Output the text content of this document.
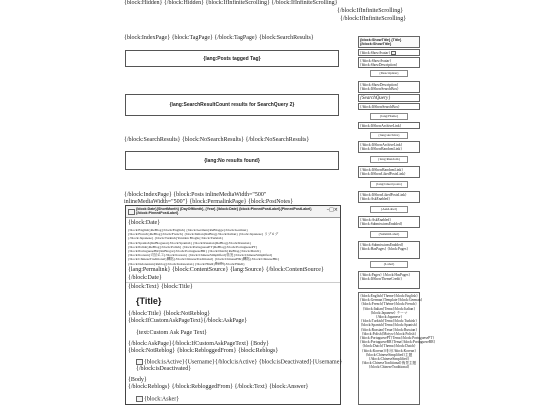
{block:Hidden} {/block:Hidden} {block:IfInfiniteScrolling} {/block:IfInfiniteScrolling}
{/block:IfInfiniteScrolling}
{/block:IfInfiniteScrolling}
{block:IndexPage} {block:TagPage} {/block:TagPage} {block:SearchResults}
{lang:Posts tagged Tag}
{lang:SearchResultCount results for SearchQuery 2}
{/block:SearchResults} {block:NoSearchResults} {/block:NoSearchResults}
{lang:No results found}
{/block:IndexPage} {block:Posts inlineMediaWidth="500"
inlineMediaWidth="500"} {block:PermalinkPage} {block:PostNotes}
{block:Date}{ShortMonth} {DayOfMonth}, {Year} {/block:Date} {block:PinnedPostLabel}{PinnedPostLabel}{/block:PinnedPostLabel}
–□×
{block:Date}
{block:English}ReBlog{/block:English} {block:German}ReBlogge{/block:German}
{block:French}ReBlog{/block:French} {block:Italian}ReBlog{/block:Italian} {block:Japanese} リブログ
{/block:Japanese} {block:Turkish}Yeniden Bloglu{/block:Turkish}
{block:Spanish}ReBloguear{/block:Spanish} {block:Russian}ReBlog{/block:Russian}
{block:Polish}ReBlog{/block:Polish} {block:PortuguesePT}ReBlog{/block:PortuguesePT}
{block:PortugueseBR}ReBlogar{/block:PortugueseBR} {block:Dutch}ReBlog{/block:Dutch}
{block:Korean}리블로그{/block:Korean} {block:ChineseSimplified}转发{/block:ChineseSimplified}
{block:ChineseTraditional}轉貼{/block:ChineseTraditional} {block:ChineseHK}轉貼{/block:ChineseHK}
{block:Indonesian}Reblog{/block:Indonesian} {block:Hindi}रीब्लॉग{/block:Hindi}
{lang:Permalink} {block:ContentSource} {lang:Source} {/block:ContentSource}
{/block:Date}
{block:Text} {block:Title}
{Title}
{/block:Title} {block:NotReblog}
{block:IfCustomAskPageText}{/block:AskPage}
{text:Custom Ask Page Text}
{/block:AskPage}{/block:IfCustomAskPageText} {Body}
{block:NotReblog} {block:RebloggedFrom} {block:Reblogs}
{block:isActive}{Username}{/block:isActive} {block:isDeactivated}{Username}
{/block:isDeactivated}
{Body}
{/block:Reblogs} {/block:RebloggedFrom} {/block:Text} {block:Answer}
{block:Asker}
{block:ShowTitle} {Title} {/block:ShowTitle}
{block:ShowAvatar}
{/block:ShowAvatar} {block:ShowDescription}
{Description}
{/block:ShowDescription} {block:IfShowSearchBox}
{SearchQuery}
{/block:IfShowSearchBox}
{lang:Home}
{block:IfShowArchiveLink}
{lang:Archive}
{/block:IfShowArchiveLink} {block:IfShowRandomLink}
{lang:Random}
{/block:IfShowRandomLink} {block:IfShowLikedPostsLink}
{lang:Liked posts}
{/block:IfShowLikedPostsLink} {block:AskEnabled}
{AskLabel}
{/block:AskEnabled} {block:SubmissionsEnabled}
{SubmitLabel}
{/block:SubmissionsEnabled} {block:HasPages} {block:Pages}
{Label}
{/block:Pages} {/block:HasPages} {block:IfShowThemeCredit}
{block:English}Theme{/block:English} {block:German}Template{/block:German} {block:French}Thème{/block:French} {block:Italian}Tema{/block:Italian} {block:Japanese} テーマ {/block:Japanese} {block:Turkish}Tema{/block:Turkish} {block:Spanish}Tema{/block:Spanish} {block:Russian}Тема{/block:Russian} {block:Polish}Motyw{/block:Polish} {block:PortuguesePT}Tema{/block:PortuguesePT} {block:PortugueseBR}Tema{/block:PortugueseBR} {block:Dutch}Thema{/block:Dutch} {block:Korean}테마{/block:Korean} {block:ChineseSimplified}主题{/block:ChineseSimplified} {block:ChineseTraditional}佈景主題{/block:ChineseTraditional}
